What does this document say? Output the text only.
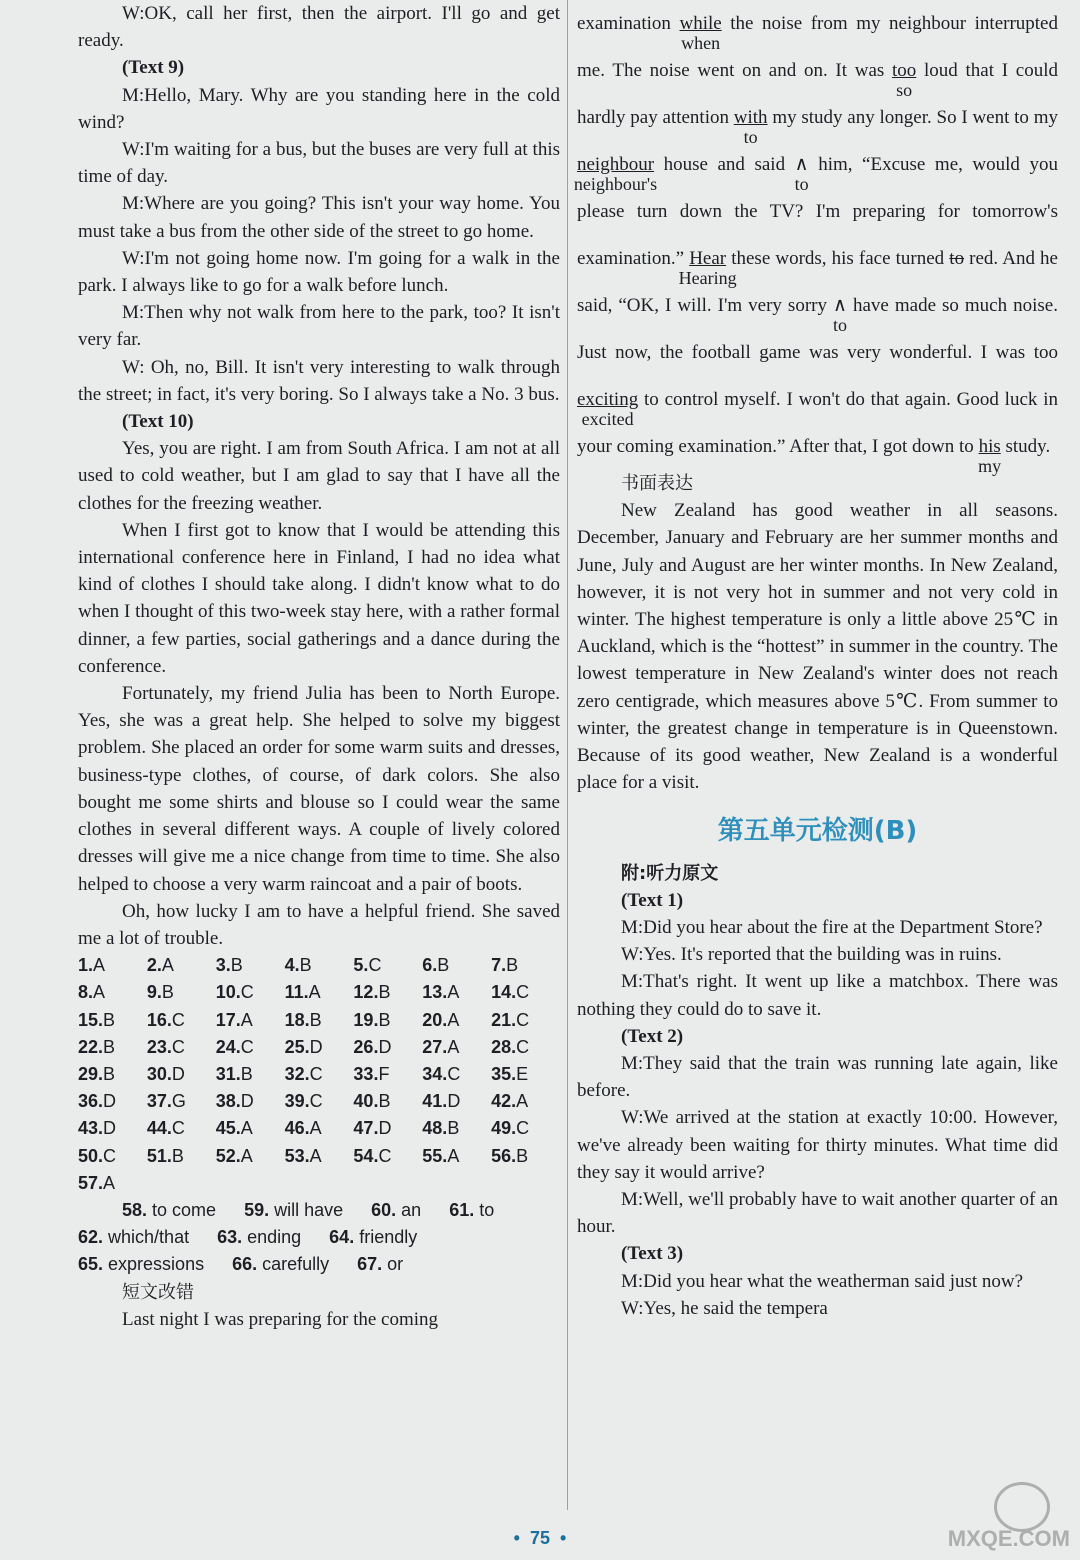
W:OK, call her first, then the airport. I'll go and get ready.

(Text 9)

M:Hello, Mary. Why are you standing here in the cold wind?

W:I'm waiting for a bus, but the buses are very full at this time of day.

M:Where are you going? This isn't your way home. You must take a bus from the other side of the street to go home.

W:I'm not going home now. I'm going for a walk in the park. I always like to go for a walk before lunch.

M:Then why not walk from here to the park, too? It isn't very far.

W: Oh, no, Bill. It isn't very interesting to walk through the street; in fact, it's very boring. So I always take a No. 3 bus.

(Text 10)

Yes, you are right. I am from South Africa. I am not at all used to cold weather, but I am glad to say that I have all the clothes for the freezing weather.

When I first got to know that I would be attending this international conference here in Finland, I had no idea what kind of clothes I should take along. I didn't know what to do when I thought of this two-week stay here, with a rather formal dinner, a few parties, social gatherings and a dance during the conference.

Fortunately, my friend Julia has been to North Europe. Yes, she was a great help. She helped to solve my biggest problem. She placed an order for some warm suits and dresses, business-type clothes, of course, of dark colors. She also bought me some shirts and blouse so I could wear the same clothes in several different ways. A couple of lively colored dresses will give me a nice change from time to time. She also helped to choose a very warm raincoat and a pair of boots.

Oh, how lucky I am to have a helpful friend. She saved me a lot of trouble.

1.A	2.A	3.B	4.B	5.C	6.B	7.B
8.A	9.B	10.C	11.A	12.B	13.A	14.C
15.B	16.C	17.A	18.B	19.B	20.A	21.C
22.B	23.C	24.C	25.D	26.D	27.A	28.C
29.B	30.D	31.B	32.C	33.F	34.C	35.E
36.D	37.G	38.D	39.C	40.B	41.D	42.A
43.D	44.C	45.A	46.A	47.D	48.B	49.C
50.C	51.B	52.A	53.A	54.C	55.A	56.B
57.A
58. to come 59. will have 60. an 61. to
62. which/that 63. ending 64. friendly
65. expressions 66. carefully 67. or

短文改错

Last night I was preparing for the coming

examination while
when
the noise from my neighbour interrupted me. The noise went on and on. It was too
so
loud that I could hardly pay attention with
to
my study any longer. So I went to my neighbour
neighbour's
house and said ∧
to
him, “Excuse me, would you please turn down the TV? I'm preparing for tomorrow's examination.” Hear
Hearing
these words, his face turned to red. And he said, “OK, I will. I'm very sorry ∧
to
have made so much noise. Just now, the football game was very wonderful. I was too exciting
excited
to control myself. I won't do that again. Good luck in your coming examination.” After that, I got down to his
my
study.

书面表达

New Zealand has good weather in all seasons. December, January and February are her summer months and June, July and August are her winter months. In New Zealand, however, it is not very hot in summer and not very cold in winter. The highest temperature is only a little above 25℃ in Auckland, which is the “hottest” in summer in the country. The lowest temperature in New Zealand's winter does not reach zero centigrade, which measures above 5℃. From summer to winter, the greatest change in temperature is in Queenstown. Because of its good weather, New Zealand is a wonderful place for a visit.

第五单元检测(B)

附:听力原文

(Text 1)

M:Did you hear about the fire at the Department Store?

W:Yes. It's reported that the building was in ruins.

M:That's right. It went up like a matchbox. There was nothing they could do to save it.

(Text 2)

M:They said that the train was running late again, like before.

W:We arrived at the station at exactly 10:00. However, we've already been waiting for thirty minutes. What time did they say it would arrive?

M:Well, we'll probably have to wait another quarter of an hour.

(Text 3)

M:Did you hear what the weatherman said just now?

W:Yes, he said the tempera

•  75  •	MXQE.COM
